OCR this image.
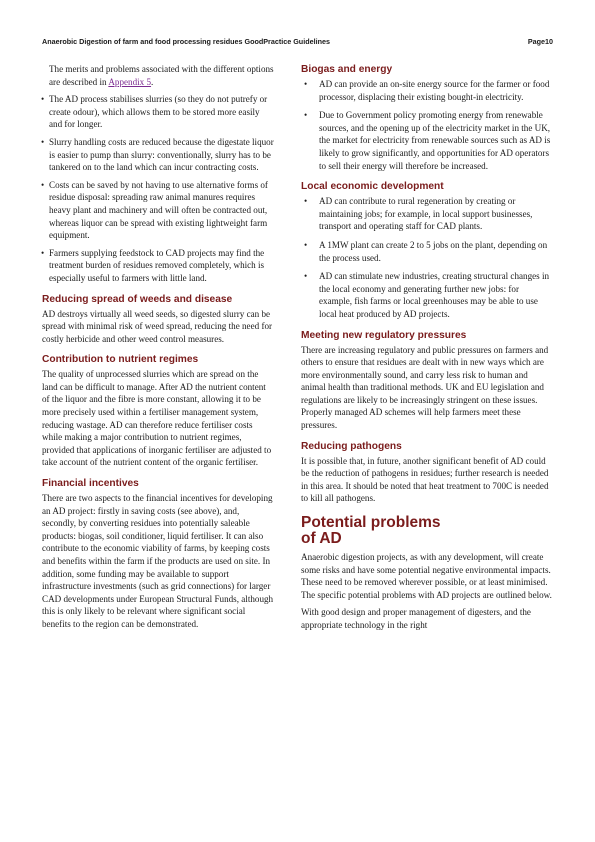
Anaerobic Digestion of farm and food processing residues GoodPractice Guidelines	Page10

The merits and problems associated with the different options are described in Appendix 5.

• The AD process stabilises slurries (so they do not putrefy or create odour), which allows them to be stored more easily and for longer.
• Slurry handling costs are reduced because the digestate liquor is easier to pump than slurry: conventionally, slurry has to be tankered on to the land which can incur contracting costs.
• Costs can be saved by not having to use alternative forms of residue disposal: spreading raw animal manures requires heavy plant and machinery and will often be contracted out, whereas liquor can be spread with existing lightweight farm equipment.
• Farmers supplying feedstock to CAD projects may find the treatment burden of residues removed completely, which is especially useful to farmers with little land.
Reducing spread of weeds and disease

AD destroys virtually all weed seeds, so digested slurry can be spread with minimal risk of weed spread, reducing the need for costly herbicide and other weed control measures.

Contribution to nutrient regimes

The quality of unprocessed slurries which are spread on the land can be difficult to manage. After AD the nutrient content of the liquor and the fibre is more constant, allowing it to be more precisely used within a fertiliser management system, reducing wastage. AD can therefore reduce fertiliser costs while making a major contribution to nutrient regimes, provided that applications of inorganic fertiliser are adjusted to take account of the nutrient content of the organic fertiliser.

Financial incentives

There are two aspects to the financial incentives for developing an AD project: firstly in saving costs (see above), and, secondly, by converting residues into potentially saleable products: biogas, soil conditioner, liquid fertiliser. It can also contribute to the economic viability of farms, by keeping costs and benefits within the farm if the products are used on site. In addition, some funding may be available to support infrastructure investments (such as grid connections) for larger CAD developments under European Structural Funds, although this is only likely to be relevant where significant social benefits to the region can be demonstrated.

Biogas and energy
• AD can provide an on-site energy source for the farmer or food processor, displacing their existing bought-in electricity.
• Due to Government policy promoting energy from renewable sources, and the opening up of the electricity market in the UK, the market for electricity from renewable sources such as AD is likely to grow significantly, and opportunities for AD operators to sell their energy will therefore be increased.
Local economic development
• AD can contribute to rural regeneration by creating or maintaining jobs; for example, in local support businesses, transport and operating staff for CAD plants.
• A 1MW plant can create 2 to 5 jobs on the plant, depending on the process used.
• AD can stimulate new industries, creating structural changes in the local economy and generating further new jobs: for example, fish farms or local greenhouses may be able to use local heat produced by AD projects.
Meeting new regulatory pressures

There are increasing regulatory and public pressures on farmers and others to ensure that residues are dealt with in new ways which are more environmentally sound, and carry less risk to human and animal health than traditional methods. UK and EU legislation and regulations are likely to be increasingly stringent on these issues. Properly managed AD schemes will help farmers meet these pressures.

Reducing pathogens

It is possible that, in future, another significant benefit of AD could be the reduction of pathogens in residues; further research is needed in this area. It should be noted that heat treatment to 700C is needed to kill all pathogens.

Potential problems
of AD

Anaerobic digestion projects, as with any development, will create some risks and have some potential negative environmental impacts. These need to be removed wherever possible, or at least minimised. The specific potential problems with AD projects are outlined below.

With good design and proper management of digesters, and the appropriate technology in the right
